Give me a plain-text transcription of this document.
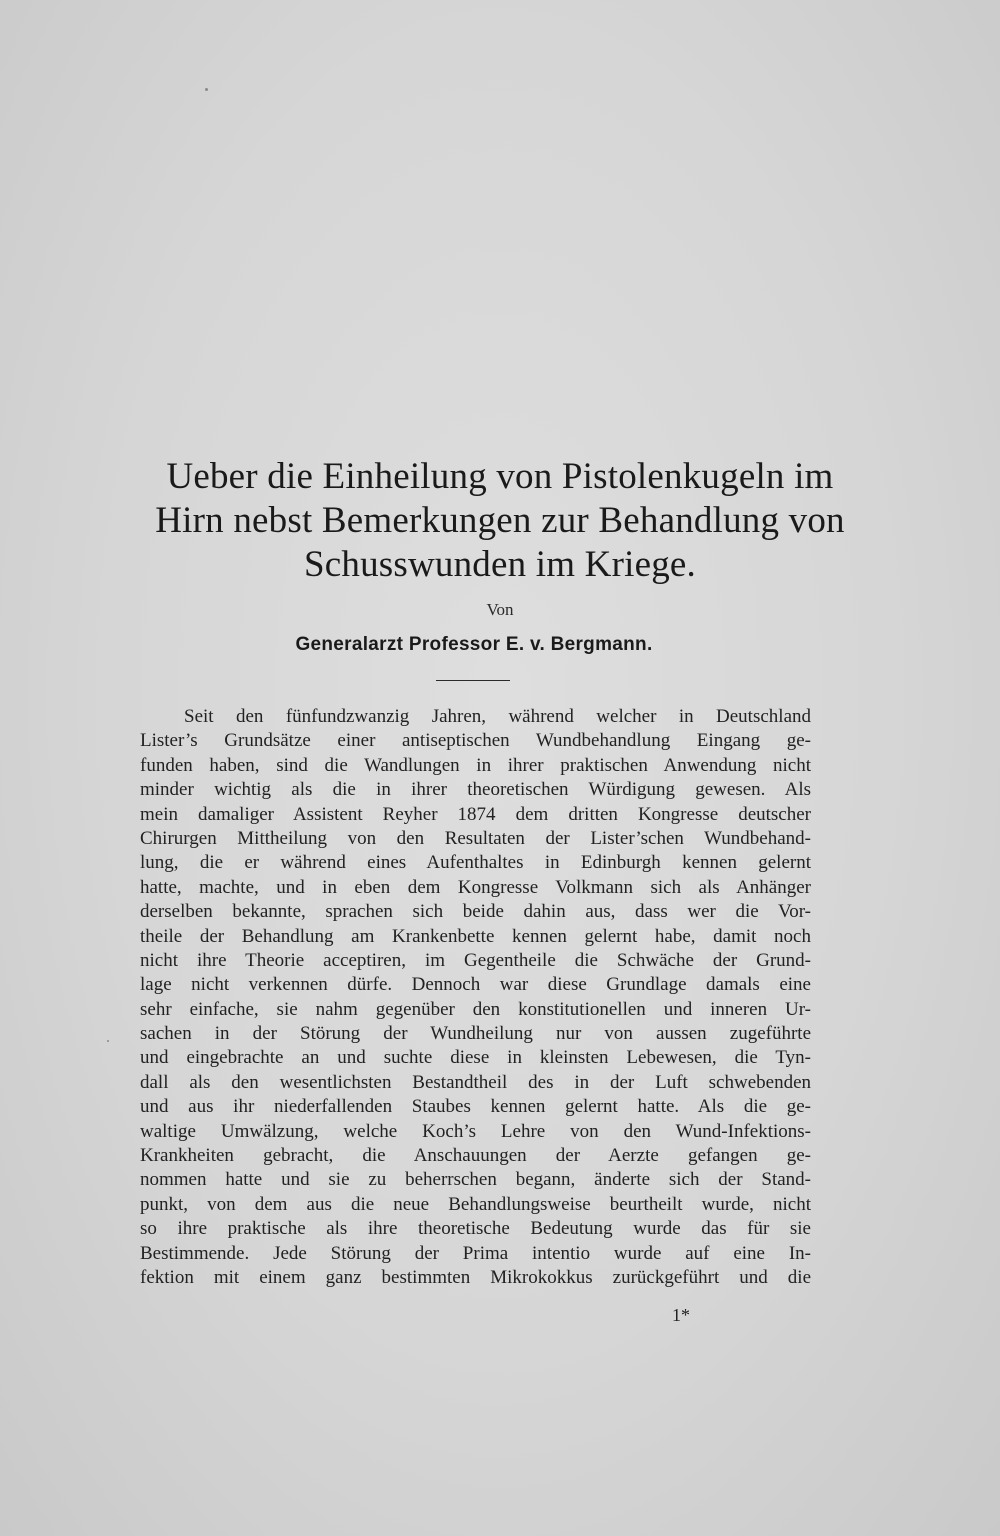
Ueber die Einheilung von Pistolenkugeln im
Hirn nebst Bemerkungen zur Behandlung von
Schusswunden im Kriege.
Von
Generalarzt Professor E. v. Bergmann.
Seit den fünfundzwanzig Jahren, während welcher in Deutschland
Lister’s Grundsätze einer antiseptischen Wundbehandlung Eingang ge-
funden haben, sind die Wandlungen in ihrer praktischen Anwendung nicht
minder wichtig als die in ihrer theoretischen Würdigung gewesen. Als
mein damaliger Assistent Reyher 1874 dem dritten Kongresse deutscher
Chirurgen Mittheilung von den Resultaten der Lister’schen Wundbehand-
lung, die er während eines Aufenthaltes in Edinburgh kennen gelernt
hatte, machte, und in eben dem Kongresse Volkmann sich als Anhänger
derselben bekannte, sprachen sich beide dahin aus, dass wer die Vor-
theile der Behandlung am Krankenbette kennen gelernt habe, damit noch
nicht ihre Theorie acceptiren, im Gegentheile die Schwäche der Grund-
lage nicht verkennen dürfe. Dennoch war diese Grundlage damals eine
sehr einfache, sie nahm gegenüber den konstitutionellen und inneren Ur-
sachen in der Störung der Wundheilung nur von aussen zugeführte
und eingebrachte an und suchte diese in kleinsten Lebewesen, die Tyn-
dall als den wesentlichsten Bestandtheil des in der Luft schwebenden
und aus ihr niederfallenden Staubes kennen gelernt hatte. Als die ge-
waltige Umwälzung, welche Koch’s Lehre von den Wund-Infektions-
Krankheiten gebracht, die Anschauungen der Aerzte gefangen ge-
nommen hatte und sie zu beherrschen begann, änderte sich der Stand-
punkt, von dem aus die neue Behandlungsweise beurtheilt wurde, nicht
so ihre praktische als ihre theoretische Bedeutung wurde das für sie
Bestimmende. Jede Störung der Prima intentio wurde auf eine In-
fektion mit einem ganz bestimmten Mikrokokkus zurückgeführt und die
1*
